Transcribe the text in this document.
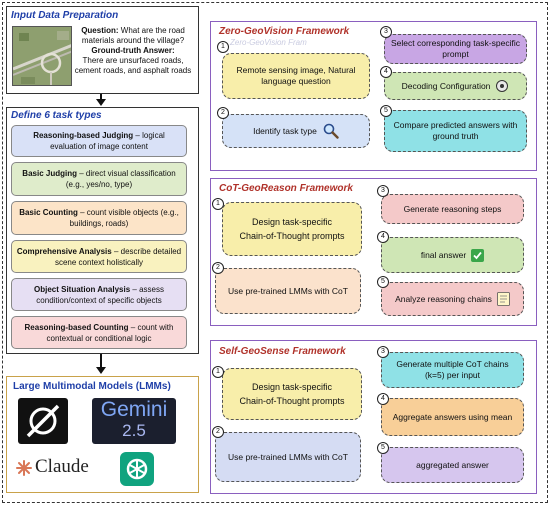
Input Data Preparation
Question: What are the road materials around the village?
Ground-truth Answer:
There are unsurfaced roads, cement roads, and asphalt roads
Define 6 task types
Reasoning-based Judging – logical evaluation of image content
Basic Judging – direct visual classification (e.g., yes/no, type)
Basic Counting – count visible objects (e.g., buildings, roads)
Comprehensive Analysis – describe detailed scene context holistically
Object Situation Analysis – assess condition/context of specific objects
Reasoning-based Counting – count with contextual or conditional logic
Large Multimodal Models (LMMs)
Gemini
2.5
Claude
Zero-GeoVision Framework
Zero-GeoVision Fram
Remote sensing image, Natural language question
1
Identify task type
2
Select corresponding task-specific prompt
3
Decoding Configuration
4
Compare predicted answers with ground truth
5
CoT-GeoReason Framework
Design task-specific Chain-of-Thought prompts
1
Use pre-trained LMMs with CoT
2
Generate reasoning steps
3
final answer
4
Analyze reasoning chains
5
Self-GeoSense Framework
Design task-specific Chain-of-Thought prompts
1
Use pre-trained LMMs with CoT
2
Generate multiple CoT chains (k=5) per input
3
Aggregate answers using mean
4
aggregated answer
5
